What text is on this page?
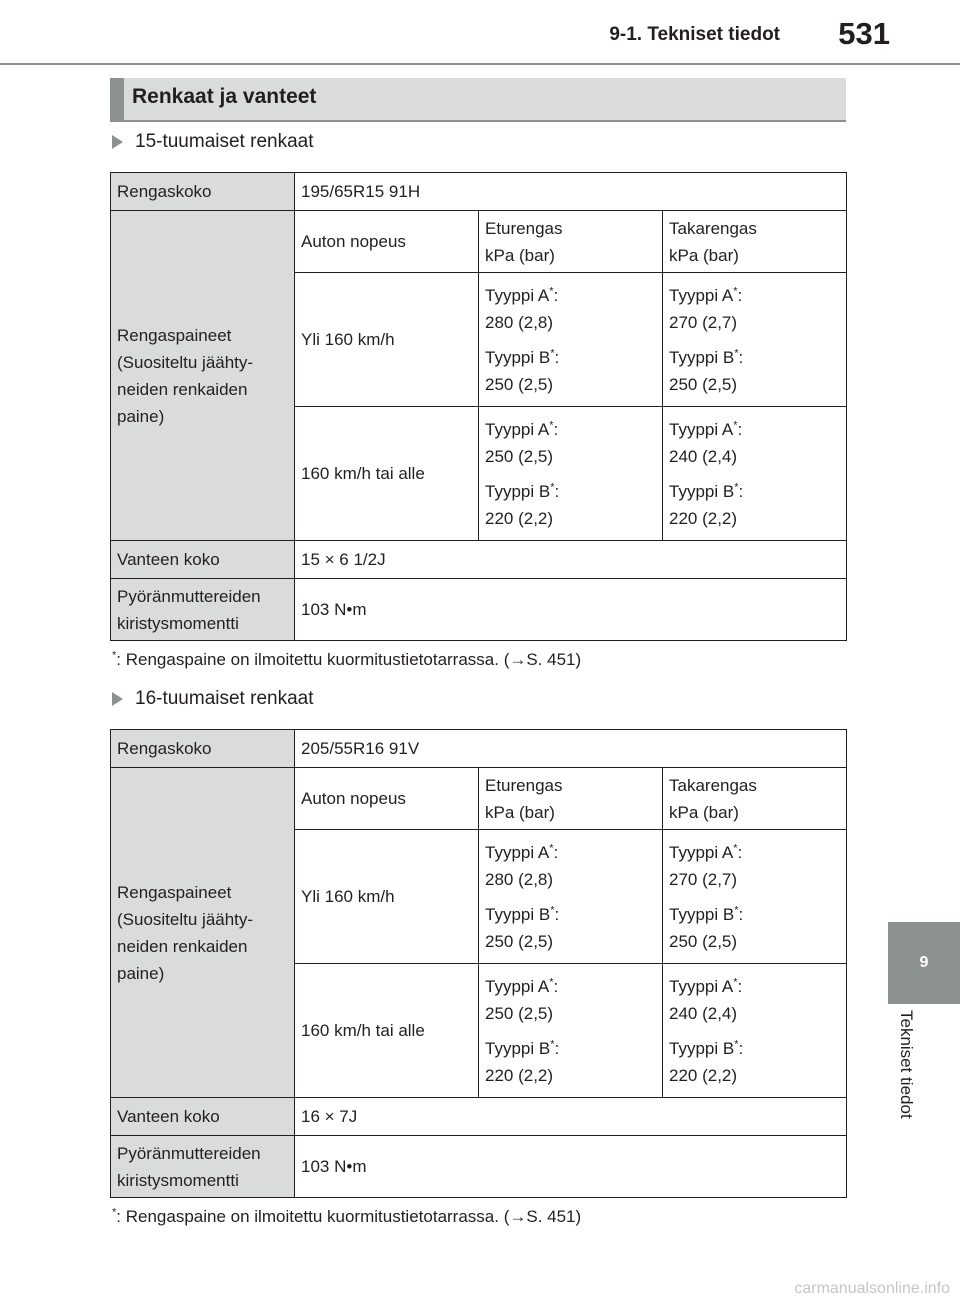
9-1. Tekniset tiedot	531
Renkaat ja vanteet
15-tuumaiset renkaat
Rengaskoko	195/65R15 91H		

Rengaspaineet
(Suositeltu jäähty-
neiden renkaiden
paine)	Auton nopeus	Eturengas
kPa (bar)	Takarengas
kPa (bar)

	Yli 160 km/h	Tyyppi A*:
280 (2,8)
Tyyppi B*:
250 (2,5)	Tyyppi A*:
270 (2,7)
Tyyppi B*:
250 (2,5)

	160 km/h tai alle	Tyyppi A*:
250 (2,5)
Tyyppi B*:
220 (2,2)	Tyyppi A*:
240 (2,4)
Tyyppi B*:
220 (2,2)

Vanteen koko	15 × 6 1/2J		

Pyöränmuttereiden
kiristysmomentti	103 N•m		
*: Rengaspaine on ilmoitettu kuormitustietotarrassa. (→S. 451)
16-tuumaiset renkaat
Rengaskoko	205/55R16 91V		

Rengaspaineet
(Suositeltu jäähty-
neiden renkaiden
paine)	Auton nopeus	Eturengas
kPa (bar)	Takarengas
kPa (bar)

	Yli 160 km/h	Tyyppi A*:
280 (2,8)
Tyyppi B*:
250 (2,5)	Tyyppi A*:
270 (2,7)
Tyyppi B*:
250 (2,5)

	160 km/h tai alle	Tyyppi A*:
250 (2,5)
Tyyppi B*:
220 (2,2)	Tyyppi A*:
240 (2,4)
Tyyppi B*:
220 (2,2)

Vanteen koko	16 × 7J		

Pyöränmuttereiden
kiristysmomentti	103 N•m		
*: Rengaspaine on ilmoitettu kuormitustietotarrassa. (→S. 451)
9
Tekniset tiedot
carmanualsonline.info
